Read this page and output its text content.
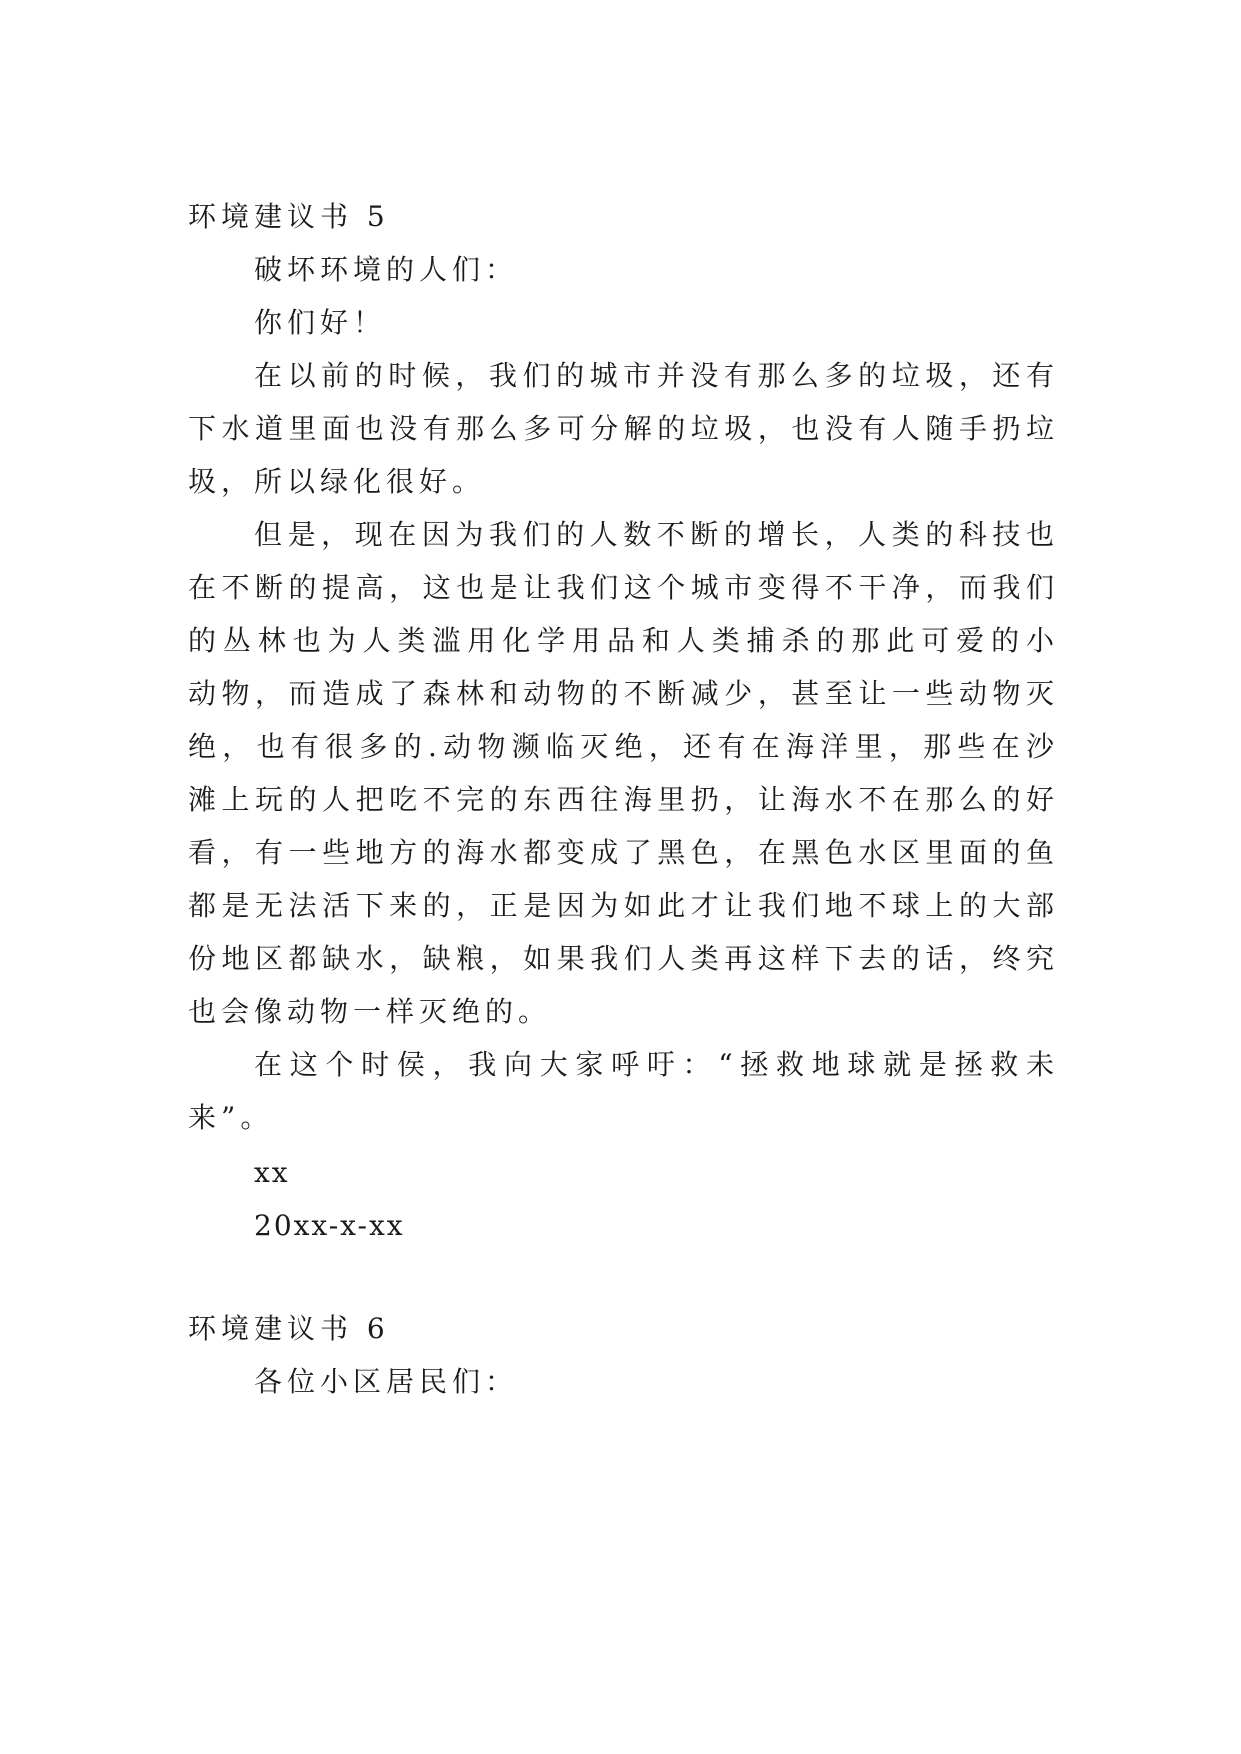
环境建议书 5
破坏环境的人们：
你们好！
在以前的时候，我们的城市并没有那么多的垃圾，还有
下水道里面也没有那么多可分解的垃圾，也没有人随手扔垃
圾，所以绿化很好。
但是，现在因为我们的人数不断的增长，人类的科技也
在不断的提高，这也是让我们这个城市变得不干净，而我们
的丛林也为人类滥用化学用品和人类捕杀的那此可爱的小
动物，而造成了森林和动物的不断减少，甚至让一些动物灭
绝，也有很多的.动物濒临灭绝，还有在海洋里，那些在沙
滩上玩的人把吃不完的东西往海里扔，让海水不在那么的好
看，有一些地方的海水都变成了黑色，在黑色水区里面的鱼
都是无法活下来的，正是因为如此才让我们地不球上的大部
份地区都缺水，缺粮，如果我们人类再这样下去的话，终究
也会像动物一样灭绝的。
在这个时侯，我向大家呼吁：“拯救地球就是拯救未
来”。
xx
20xx-x-xx
环境建议书 6
各位小区居民们：
